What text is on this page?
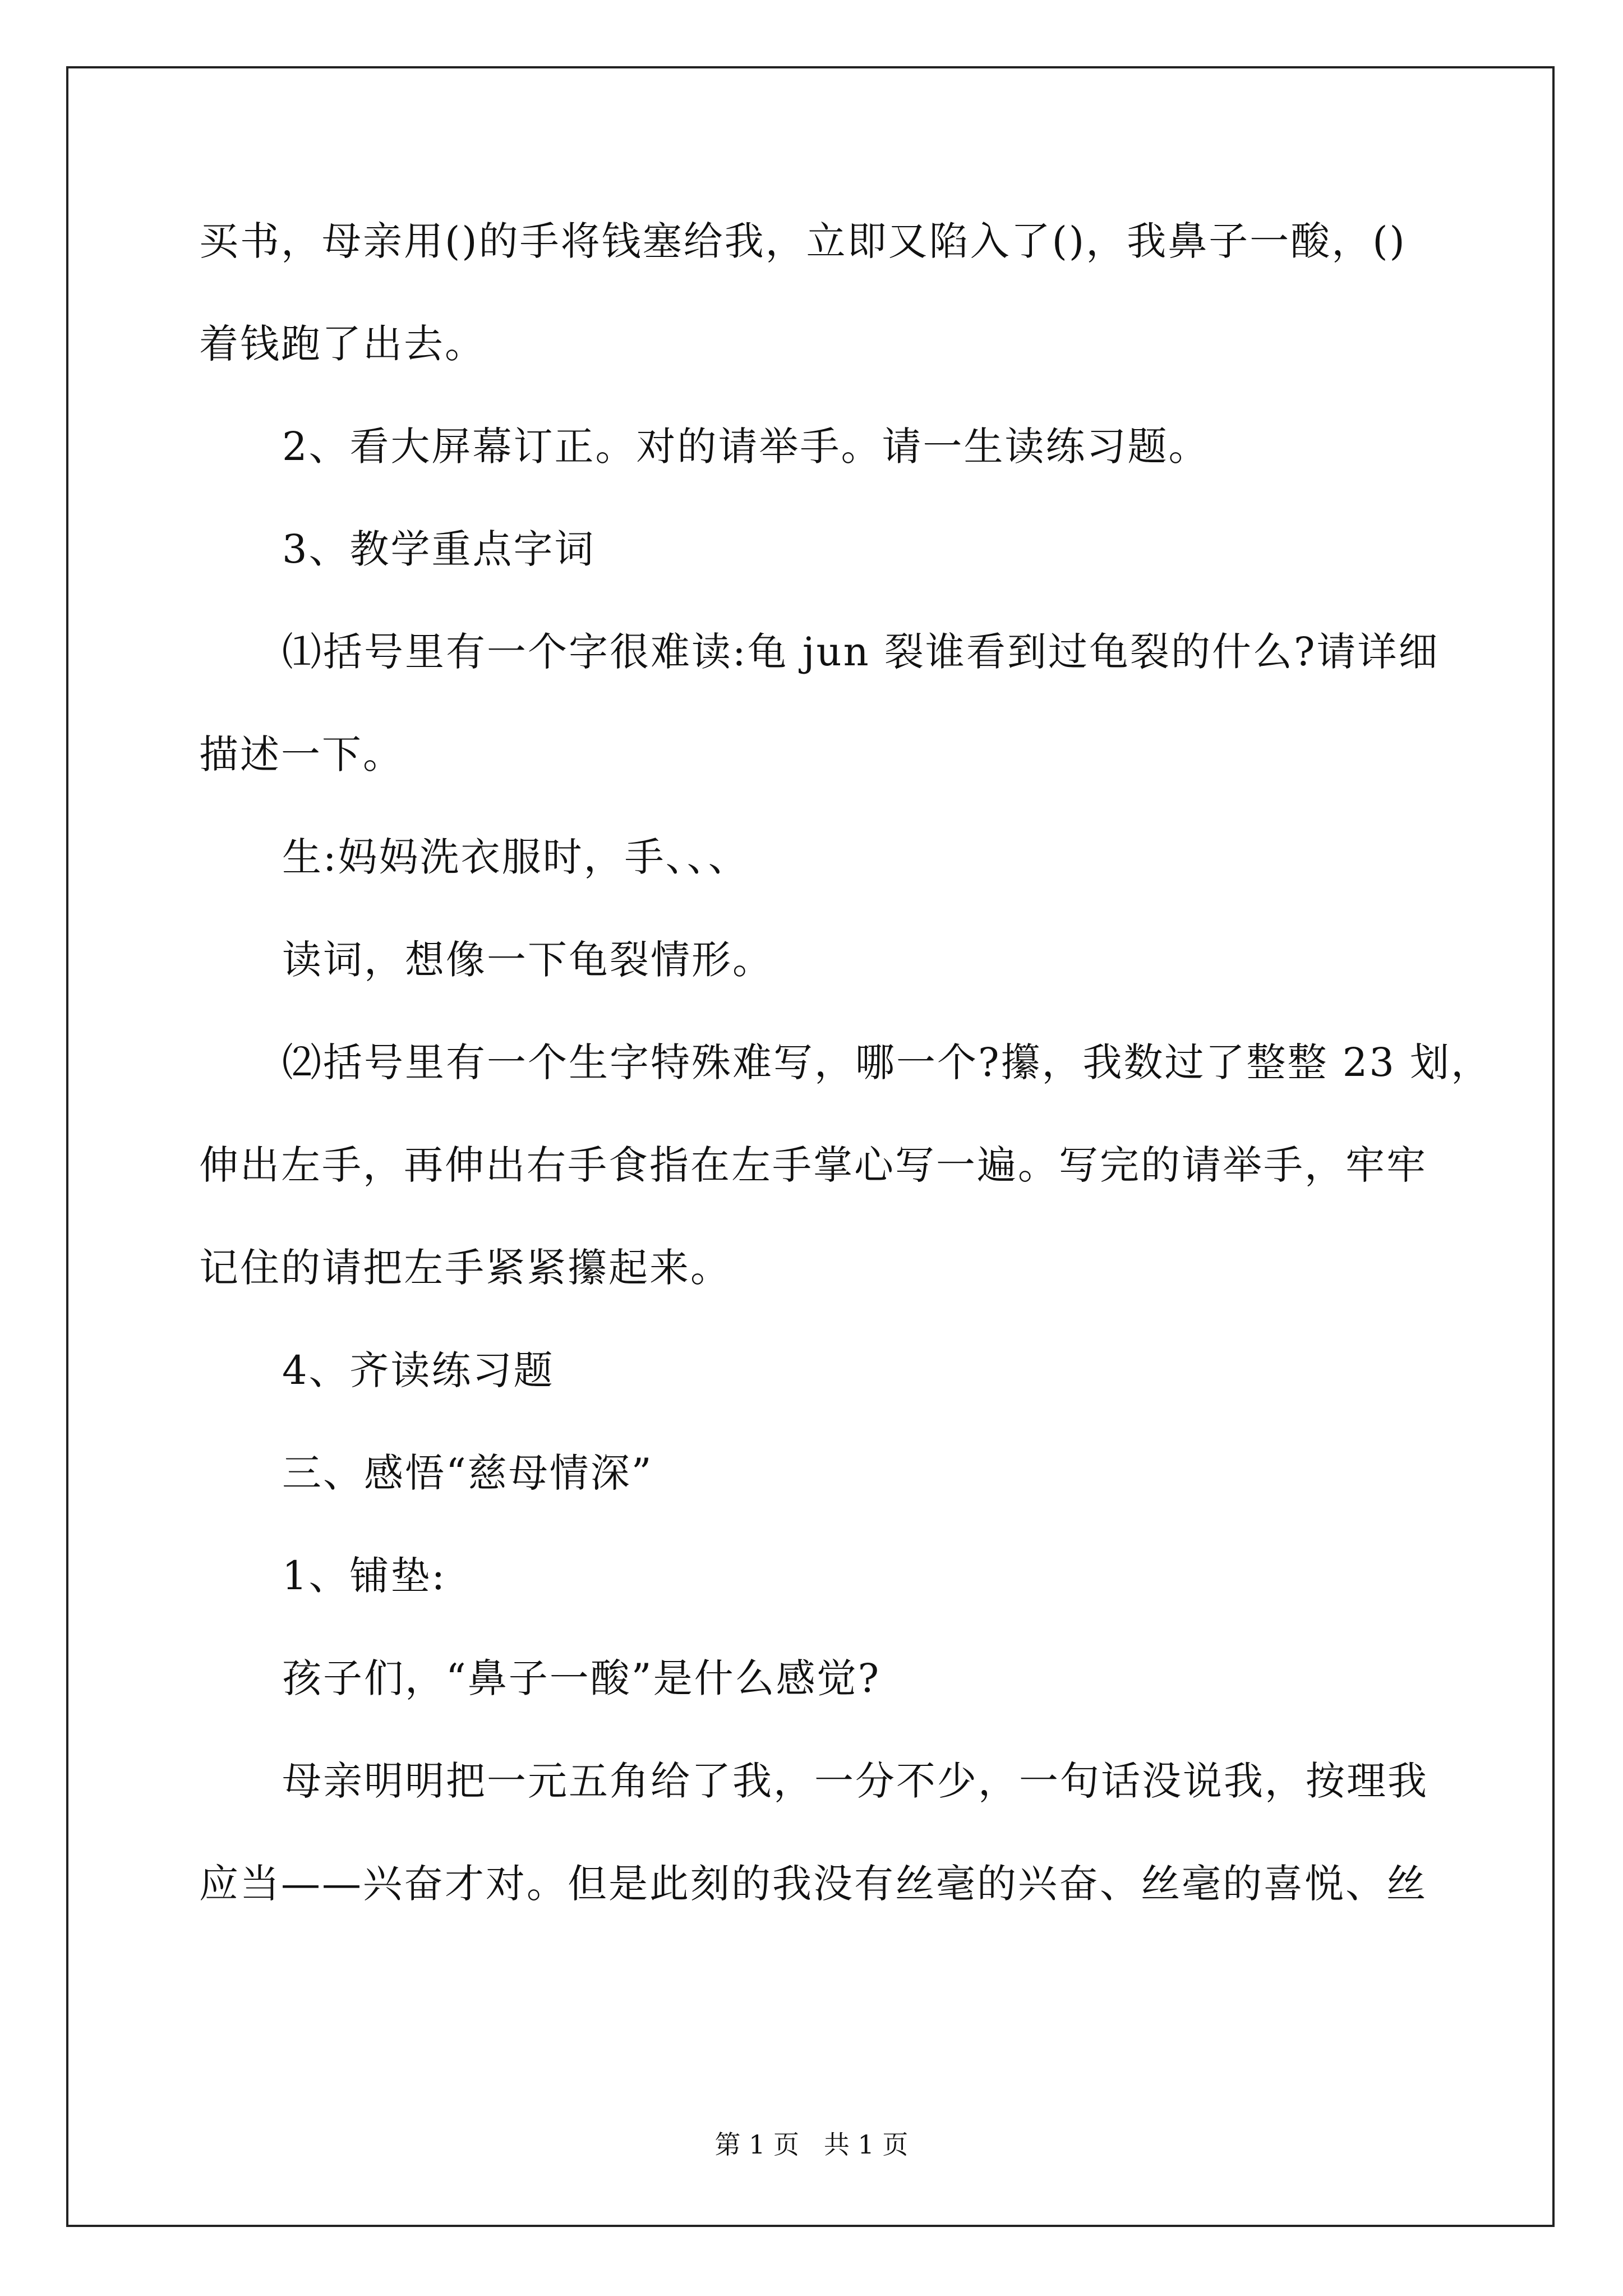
买书，母亲用()的手将钱塞给我，立即又陷入了()，我鼻子一酸，()
着钱跑了出去。
2、看大屏幕订正。对的请举手。请一生读练习题。
3、教学重点字词
⑴括号里有一个字很难读:龟 jun 裂谁看到过龟裂的什么?请详细
描述一下。
生:妈妈洗衣服时，手、、、
读词，想像一下龟裂情形。
⑵括号里有一个生字特殊难写，哪一个?攥，我数过了整整 23 划，
伸出左手，再伸出右手食指在左手掌心写一遍。写完的请举手，牢牢
记住的请把左手紧紧攥起来。
4、齐读练习题
三、感悟“慈母情深”
1、铺垫:
孩子们，“鼻子一酸”是什么感觉?
母亲明明把一元五角给了我，一分不少，一句话没说我，按理我
应当——兴奋才对。但是此刻的我没有丝毫的兴奋、丝毫的喜悦、丝
第 1 页   共 1 页
